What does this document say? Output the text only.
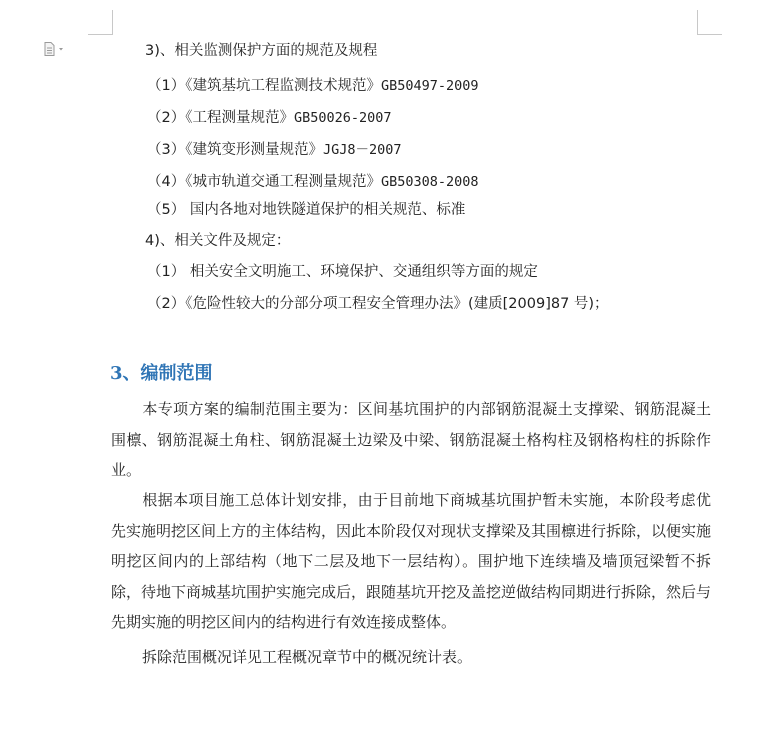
3)、相关监测保护方面的规范及规程
（1）《建筑基坑工程监测技术规范》GB50497-2009
（2）《工程测量规范》GB50026-2007
（3）《建筑变形测量规范》JGJ8－2007
（4）《城市轨道交通工程测量规范》GB50308-2008
（5） 国内各地对地铁隧道保护的相关规范、标准
4)、相关文件及规定：
（1） 相关安全文明施工、环境保护、交通组织等方面的规定
（2）《危险性较大的分部分项工程安全管理办法》(建质[2009]87 号)；
3、编制范围
本专项方案的编制范围主要为：区间基坑围护的内部钢筋混凝土支撑梁、钢筋混凝土围檩、钢筋混凝土角柱、钢筋混凝土边梁及中梁、钢筋混凝土格构柱及钢格构柱的拆除作业。
根据本项目施工总体计划安排，由于目前地下商城基坑围护暂未实施，本阶段考虑优先实施明挖区间上方的主体结构，因此本阶段仅对现状支撑梁及其围檩进行拆除，以便实施明挖区间内的上部结构（地下二层及地下一层结构）。围护地下连续墙及墙顶冠梁暂不拆除，待地下商城基坑围护实施完成后，跟随基坑开挖及盖挖逆做结构同期进行拆除，然后与先期实施的明挖区间内的结构进行有效连接成整体。
拆除范围概况详见工程概况章节中的概况统计表。
